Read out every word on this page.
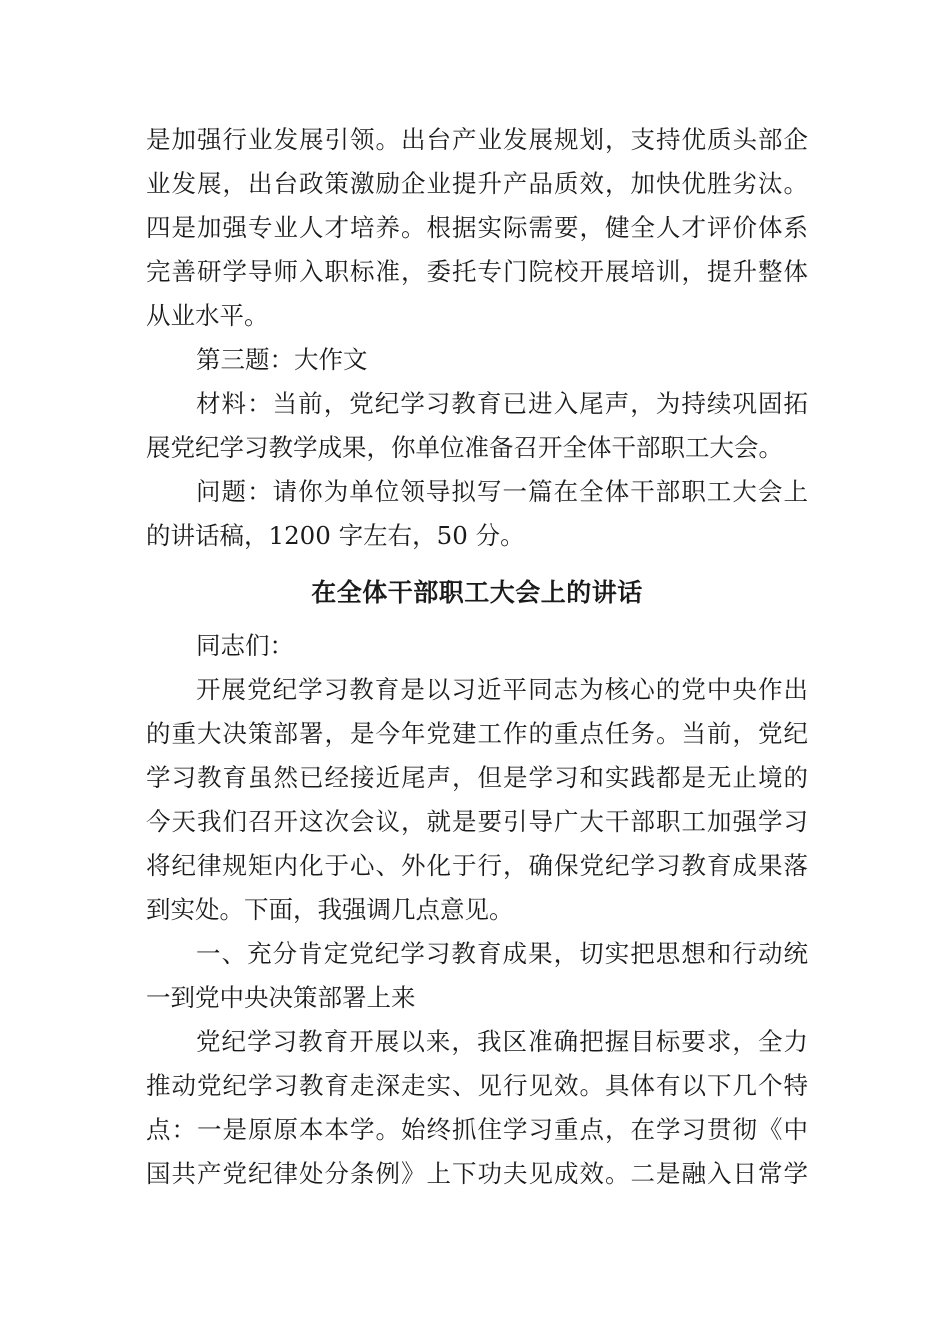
是加强行业发展引领。出台产业发展规划，支持优质头部企
业发展，出台政策激励企业提升产品质效，加快优胜劣汰。
四是加强专业人才培养。根据实际需要，健全人才评价体系
完善研学导师入职标准，委托专门院校开展培训，提升整体
从业水平。
第三题：大作文
材料：当前，党纪学习教育已进入尾声，为持续巩固拓
展党纪学习教学成果，你单位准备召开全体干部职工大会。
问题：请你为单位领导拟写一篇在全体干部职工大会上
的讲话稿，1200 字左右，50 分。
在全体干部职工大会上的讲话
同志们：
开展党纪学习教育是以习近平同志为核心的党中央作出
的重大决策部署，是今年党建工作的重点任务。当前，党纪
学习教育虽然已经接近尾声，但是学习和实践都是无止境的
今天我们召开这次会议，就是要引导广大干部职工加强学习
将纪律规矩内化于心、外化于行，确保党纪学习教育成果落
到实处。下面，我强调几点意见。
一、充分肯定党纪学习教育成果，切实把思想和行动统
一到党中央决策部署上来
党纪学习教育开展以来，我区准确把握目标要求，全力
推动党纪学习教育走深走实、见行见效。具体有以下几个特
点：一是原原本本学。始终抓住学习重点，在学习贯彻《中
国共产党纪律处分条例》上下功夫见成效。二是融入日常学
